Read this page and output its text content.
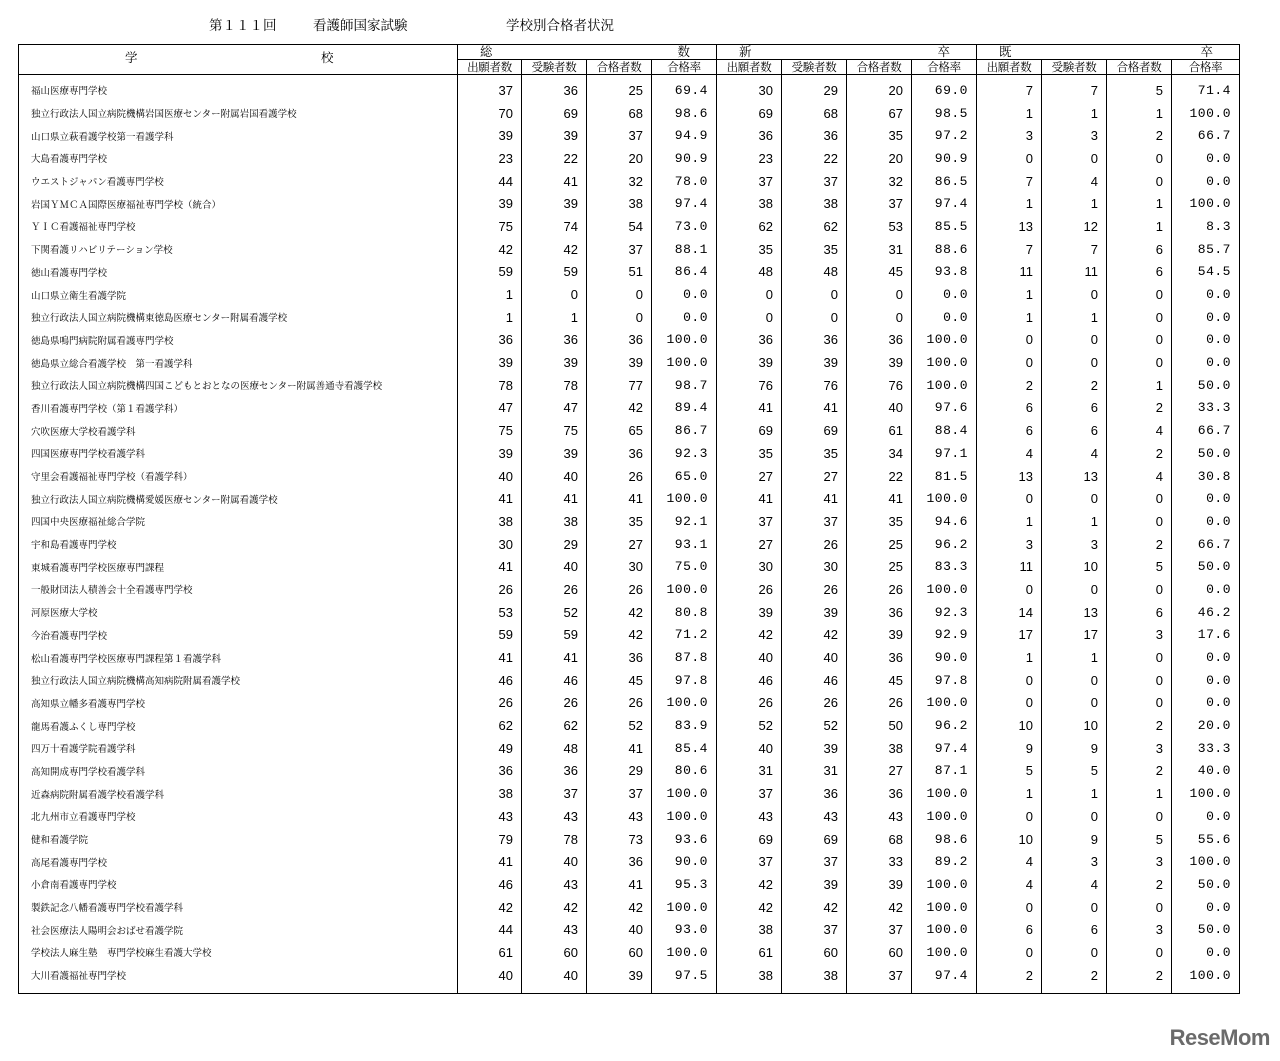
第１１１回	看護師国家試験	学校別合格者状況
学 校	総 数				新 卒				既 卒			

	出願者数	受験者数	合格者数	合格率	出願者数	受験者数	合格者数	合格率	出願者数	受験者数	合格者数	合格率
福山医療専門学校	37	36	25	69.4	30	29	20	69.0	7	7	5	71.4
独立行政法人国立病院機構岩国医療センター附属岩国看護学校	70	69	68	98.6	69	68	67	98.5	1	1	1	100.0
山口県立萩看護学校第一看護学科	39	39	37	94.9	36	36	35	97.2	3	3	2	66.7
大島看護専門学校	23	22	20	90.9	23	22	20	90.9	0	0	0	0.0
ウエストジャパン看護専門学校	44	41	32	78.0	37	37	32	86.5	7	4	0	0.0
岩国ＹＭＣＡ国際医療福祉専門学校（統合）	39	39	38	97.4	38	38	37	97.4	1	1	1	100.0
ＹＩＣ看護福祉専門学校	75	74	54	73.0	62	62	53	85.5	13	12	1	8.3
下関看護リハビリテーション学校	42	42	37	88.1	35	35	31	88.6	7	7	6	85.7
徳山看護専門学校	59	59	51	86.4	48	48	45	93.8	11	11	6	54.5
山口県立衛生看護学院	1	0	0	0.0	0	0	0	0.0	1	0	0	0.0
独立行政法人国立病院機構東徳島医療センター附属看護学校	1	1	0	0.0	0	0	0	0.0	1	1	0	0.0
徳島県鳴門病院附属看護専門学校	36	36	36	100.0	36	36	36	100.0	0	0	0	0.0
徳島県立総合看護学校　第一看護学科	39	39	39	100.0	39	39	39	100.0	0	0	0	0.0
独立行政法人国立病院機構四国こどもとおとなの医療センター附属善通寺看護学校	78	78	77	98.7	76	76	76	100.0	2	2	1	50.0
香川看護専門学校（第１看護学科）	47	47	42	89.4	41	41	40	97.6	6	6	2	33.3
穴吹医療大学校看護学科	75	75	65	86.7	69	69	61	88.4	6	6	4	66.7
四国医療専門学校看護学科	39	39	36	92.3	35	35	34	97.1	4	4	2	50.0
守里会看護福祉専門学校（看護学科）	40	40	26	65.0	27	27	22	81.5	13	13	4	30.8
独立行政法人国立病院機構愛媛医療センター附属看護学校	41	41	41	100.0	41	41	41	100.0	0	0	0	0.0
四国中央医療福祉総合学院	38	38	35	92.1	37	37	35	94.6	1	1	0	0.0
宇和島看護専門学校	30	29	27	93.1	27	26	25	96.2	3	3	2	66.7
東城看護専門学校医療専門課程	41	40	30	75.0	30	30	25	83.3	11	10	5	50.0
一般財団法人積善会十全看護専門学校	26	26	26	100.0	26	26	26	100.0	0	0	0	0.0
河原医療大学校	53	52	42	80.8	39	39	36	92.3	14	13	6	46.2
今治看護専門学校	59	59	42	71.2	42	42	39	92.9	17	17	3	17.6
松山看護専門学校医療専門課程第１看護学科	41	41	36	87.8	40	40	36	90.0	1	1	0	0.0
独立行政法人国立病院機構高知病院附属看護学校	46	46	45	97.8	46	46	45	97.8	0	0	0	0.0
高知県立幡多看護専門学校	26	26	26	100.0	26	26	26	100.0	0	0	0	0.0
龍馬看護ふくし専門学校	62	62	52	83.9	52	52	50	96.2	10	10	2	20.0
四万十看護学院看護学科	49	48	41	85.4	40	39	38	97.4	9	9	3	33.3
高知開成専門学校看護学科	36	36	29	80.6	31	31	27	87.1	5	5	2	40.0
近森病院附属看護学校看護学科	38	37	37	100.0	37	36	36	100.0	1	1	1	100.0
北九州市立看護専門学校	43	43	43	100.0	43	43	43	100.0	0	0	0	0.0
健和看護学院	79	78	73	93.6	69	69	68	98.6	10	9	5	55.6
高尾看護専門学校	41	40	36	90.0	37	37	33	89.2	4	3	3	100.0
小倉南看護専門学校	46	43	41	95.3	42	39	39	100.0	4	4	2	50.0
製鉄記念八幡看護専門学校看護学科	42	42	42	100.0	42	42	42	100.0	0	0	0	0.0
社会医療法人陽明会おばせ看護学院	44	43	40	93.0	38	37	37	100.0	6	6	3	50.0
学校法人麻生塾　専門学校麻生看護大学校	61	60	60	100.0	61	60	60	100.0	0	0	0	0.0
大川看護福祉専門学校	40	40	39	97.5	38	38	37	97.4	2	2	2	100.0
ReseMom
